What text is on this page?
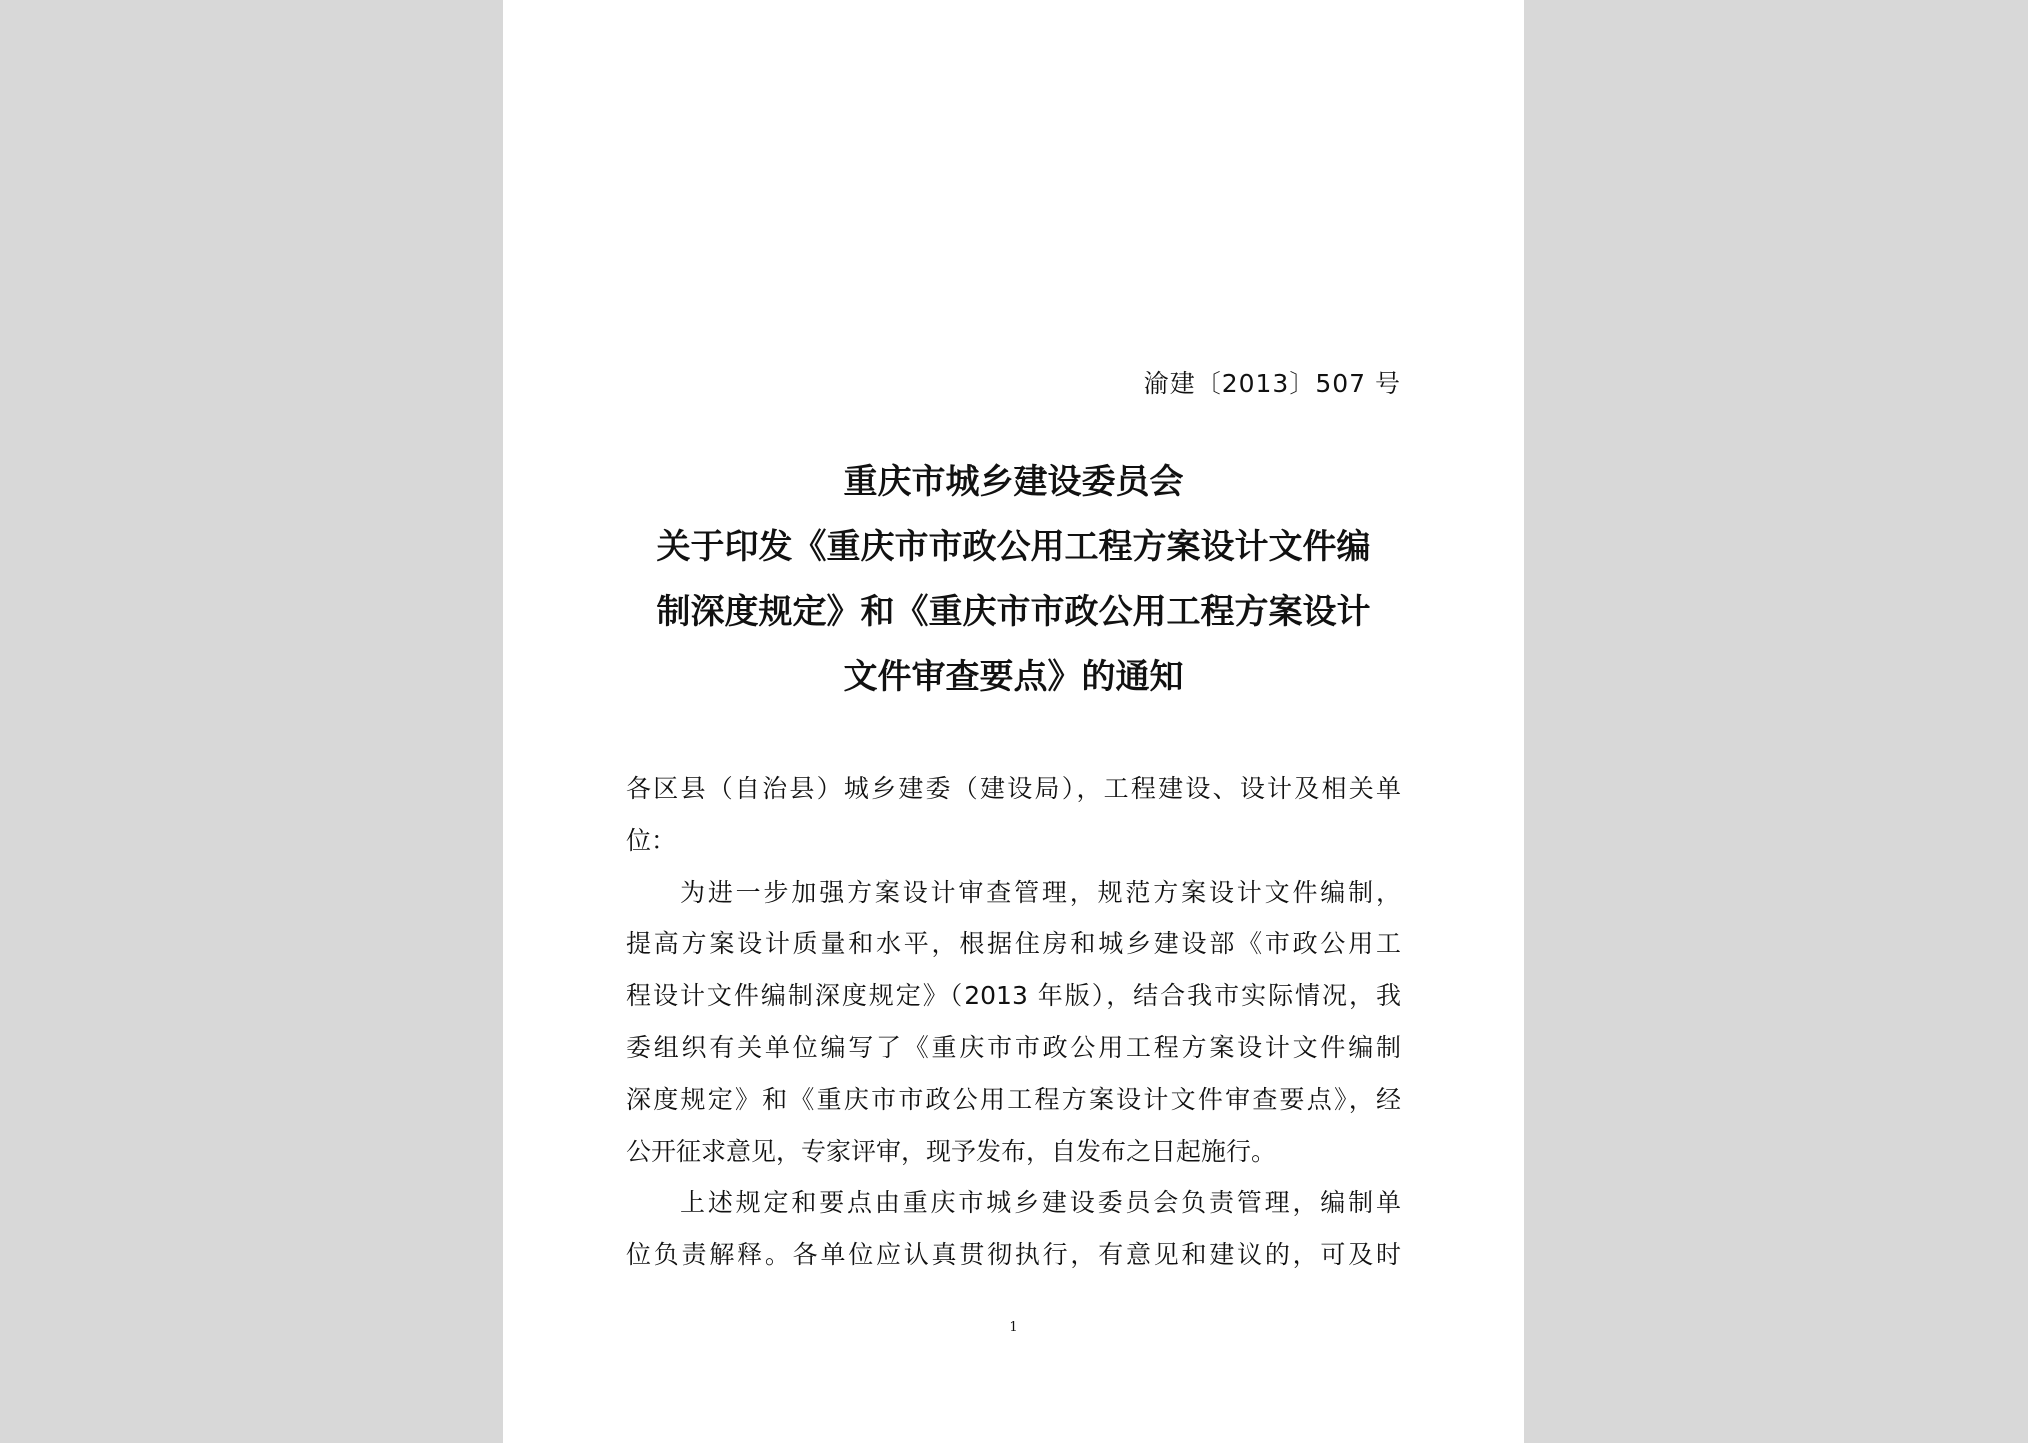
渝建〔2013〕507 号
重庆市城乡建设委员会
关于印发《重庆市市政公用工程方案设计文件编
制深度规定》和《重庆市市政公用工程方案设计
文件审查要点》的通知
各区县（自治县）城乡建委（建设局），工程建设、设计及相关单
位：
为进一步加强方案设计审查管理，规范方案设计文件编制，
提高方案设计质量和水平，根据住房和城乡建设部《市政公用工
程设计文件编制深度规定》（2013 年版），结合我市实际情况，我
委组织有关单位编写了《重庆市市政公用工程方案设计文件编制
深度规定》和《重庆市市政公用工程方案设计文件审查要点》，经
公开征求意见，专家评审，现予发布，自发布之日起施行。
上述规定和要点由重庆市城乡建设委员会负责管理，编制单
位负责解释。各单位应认真贯彻执行，有意见和建议的，可及时
1
